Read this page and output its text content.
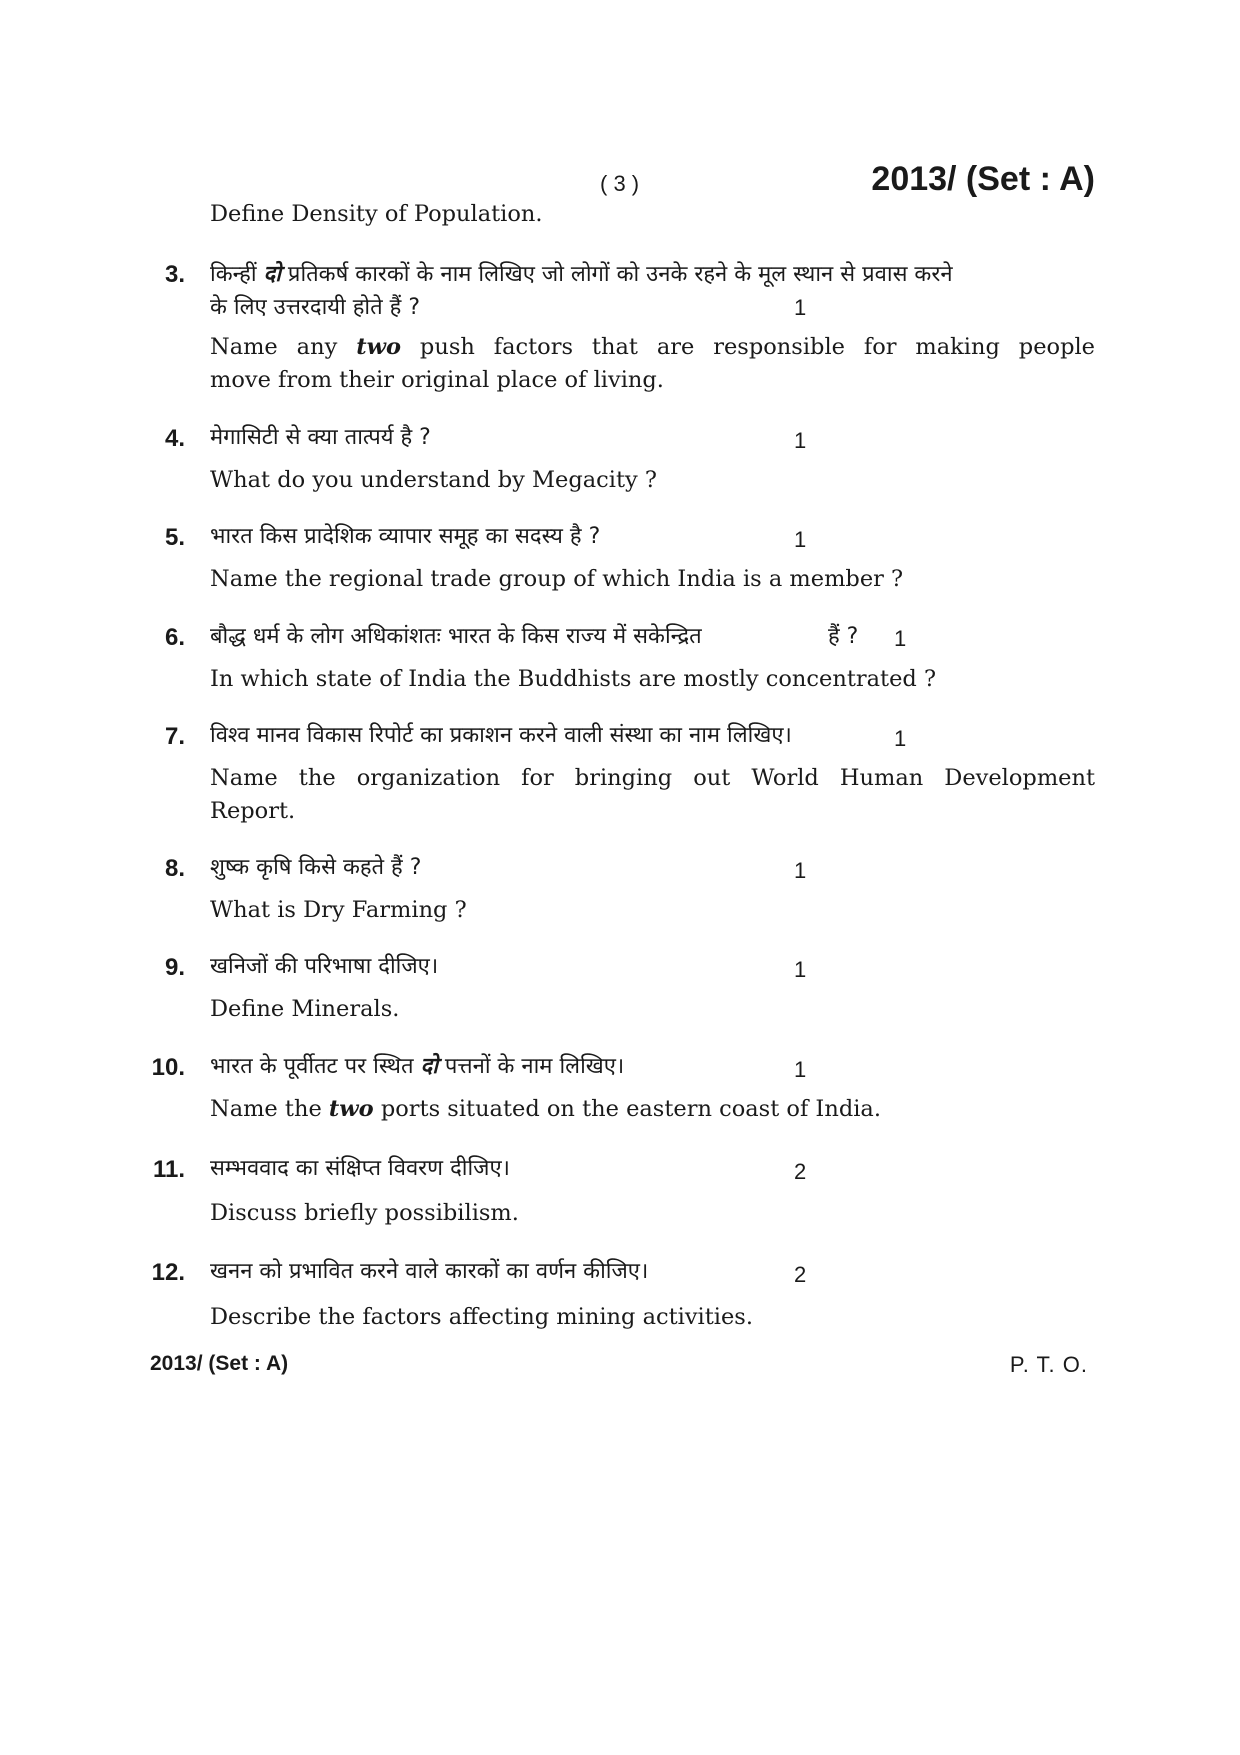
( 3 )	2013/ (Set : A)

Define Density of Population.

3. किन्हीं दो प्रतिकर्ष कारकों के नाम लिखिए जो लोगों को उनके रहने के मूल स्थान से प्रवास करने

के लिए उत्तरदायी होते हैं ?	1

Name any two push factors that are responsible for making people

move from their original place of living.

4. मेगासिटी से क्या तात्पर्य है ?	1

What do you understand by Megacity ?

5. भारत किस प्रादेशिक व्यापार समूह का सदस्य है ?	1

Name the regional trade group of which India is a member ?

6. बौद्ध धर्म के लोग अधिकांशतः भारत के किस राज्य में सकेन्द्रित	हैं ? 1

In which state of India the Buddhists are mostly concentrated ?

7. विश्व मानव विकास रिपोर्ट का प्रकाशन करने वाली संस्था का नाम लिखिए।	1

Name the organization for bringing out World Human Development

Report.

8. शुष्क कृषि किसे कहते हैं ?	1

What is Dry Farming ?

9. खनिजों की परिभाषा दीजिए।	1

Define Minerals.

10. भारत के पूर्वीतट पर स्थित दो पत्तनों के नाम लिखिए।	1

Name the two ports situated on the eastern coast of India.

11. सम्भववाद का संक्षिप्त विवरण दीजिए।	2

Discuss briefly possibilism.

12. खनन को प्रभावित करने वाले कारकों का वर्णन कीजिए।	2

Describe the factors affecting mining activities.

2013/ (Set : A)	P. T. O.
